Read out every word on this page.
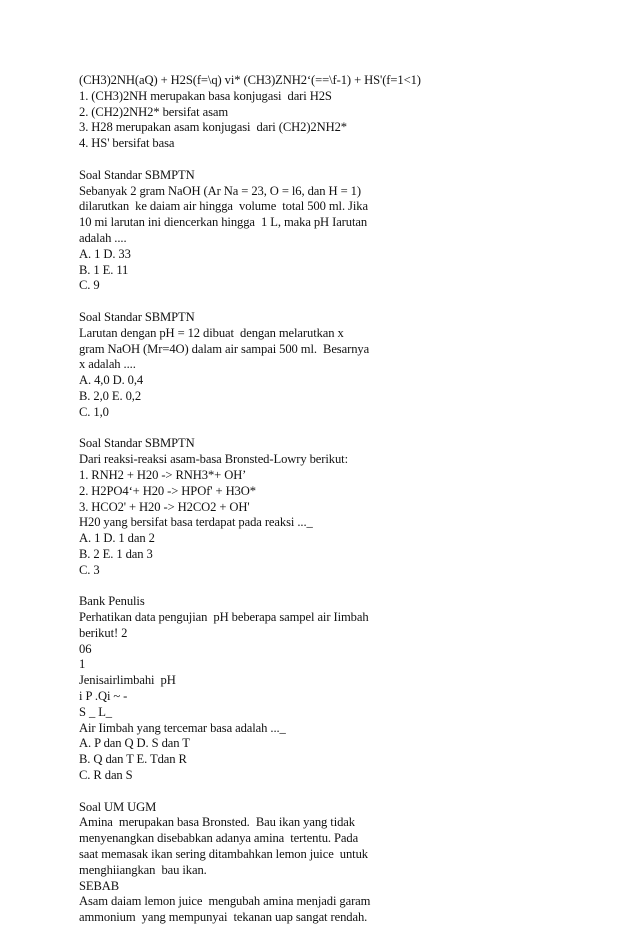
(CH3)2NH(aQ) + H2S(f=\q) vi* (CH3)ZNH2‘(==\f-1) + HS'(f=1<1)
1. (CH3)2NH merupakan basa konjugasi  dari H2S
2. (CH2)2NH2* bersifat asam
3. H28 merupakan asam konjugasi  dari (CH2)2NH2*
4. HS' bersifat basa
Soal Standar SBMPTN
Sebanyak 2 gram NaOH (Ar Na = 23, O = l6, dan H = 1)
dilarutkan  ke daiam air hingga  volume  total 500 ml. Jika
10 mi larutan ini diencerkan hingga  1 L, maka pH Iarutan
adalah ....
A. 1 D. 33
B. 1 E. 11
C. 9
Soal Standar SBMPTN
Larutan dengan pH = 12 dibuat  dengan melarutkan x
gram NaOH (Mr=4O) dalam air sampai 500 ml.  Besarnya
x adalah ....
A. 4,0 D. 0,4
B. 2,0 E. 0,2
C. 1,0
Soal Standar SBMPTN
Dari reaksi-reaksi asam-basa Bronsted-Lowry berikut:
1. RNH2 + H20 -> RNH3*+ OH’
2. H2PO4‘+ H20 -> HPOf' + H3O*
3. HCO2' + H20 -> H2CO2 + OH'
H20 yang bersifat basa terdapat pada reaksi ..._
A. 1 D. 1 dan 2
B. 2 E. 1 dan 3
C. 3
Bank Penulis
Perhatikan data pengujian  pH beberapa sampel air Iimbah
berikut! 2
06
1
Jenisairlimbahi  pH
i P .Qi ~ -
S _ L_
Air Iimbah yang tercemar basa adalah ..._
A. P dan Q D. S dan T
B. Q dan T E. Tdan R
C. R dan S
Soal UM UGM
Amina  merupakan basa Bronsted.  Bau ikan yang tidak
menyenangkan disebabkan adanya amina  tertentu. Pada
saat memasak ikan sering ditambahkan lemon juice  untuk
menghiiangkan  bau ikan.
SEBAB
Asam daiam lemon juice  mengubah amina menjadi garam
ammonium  yang mempunyai  tekanan uap sangat rendah.
